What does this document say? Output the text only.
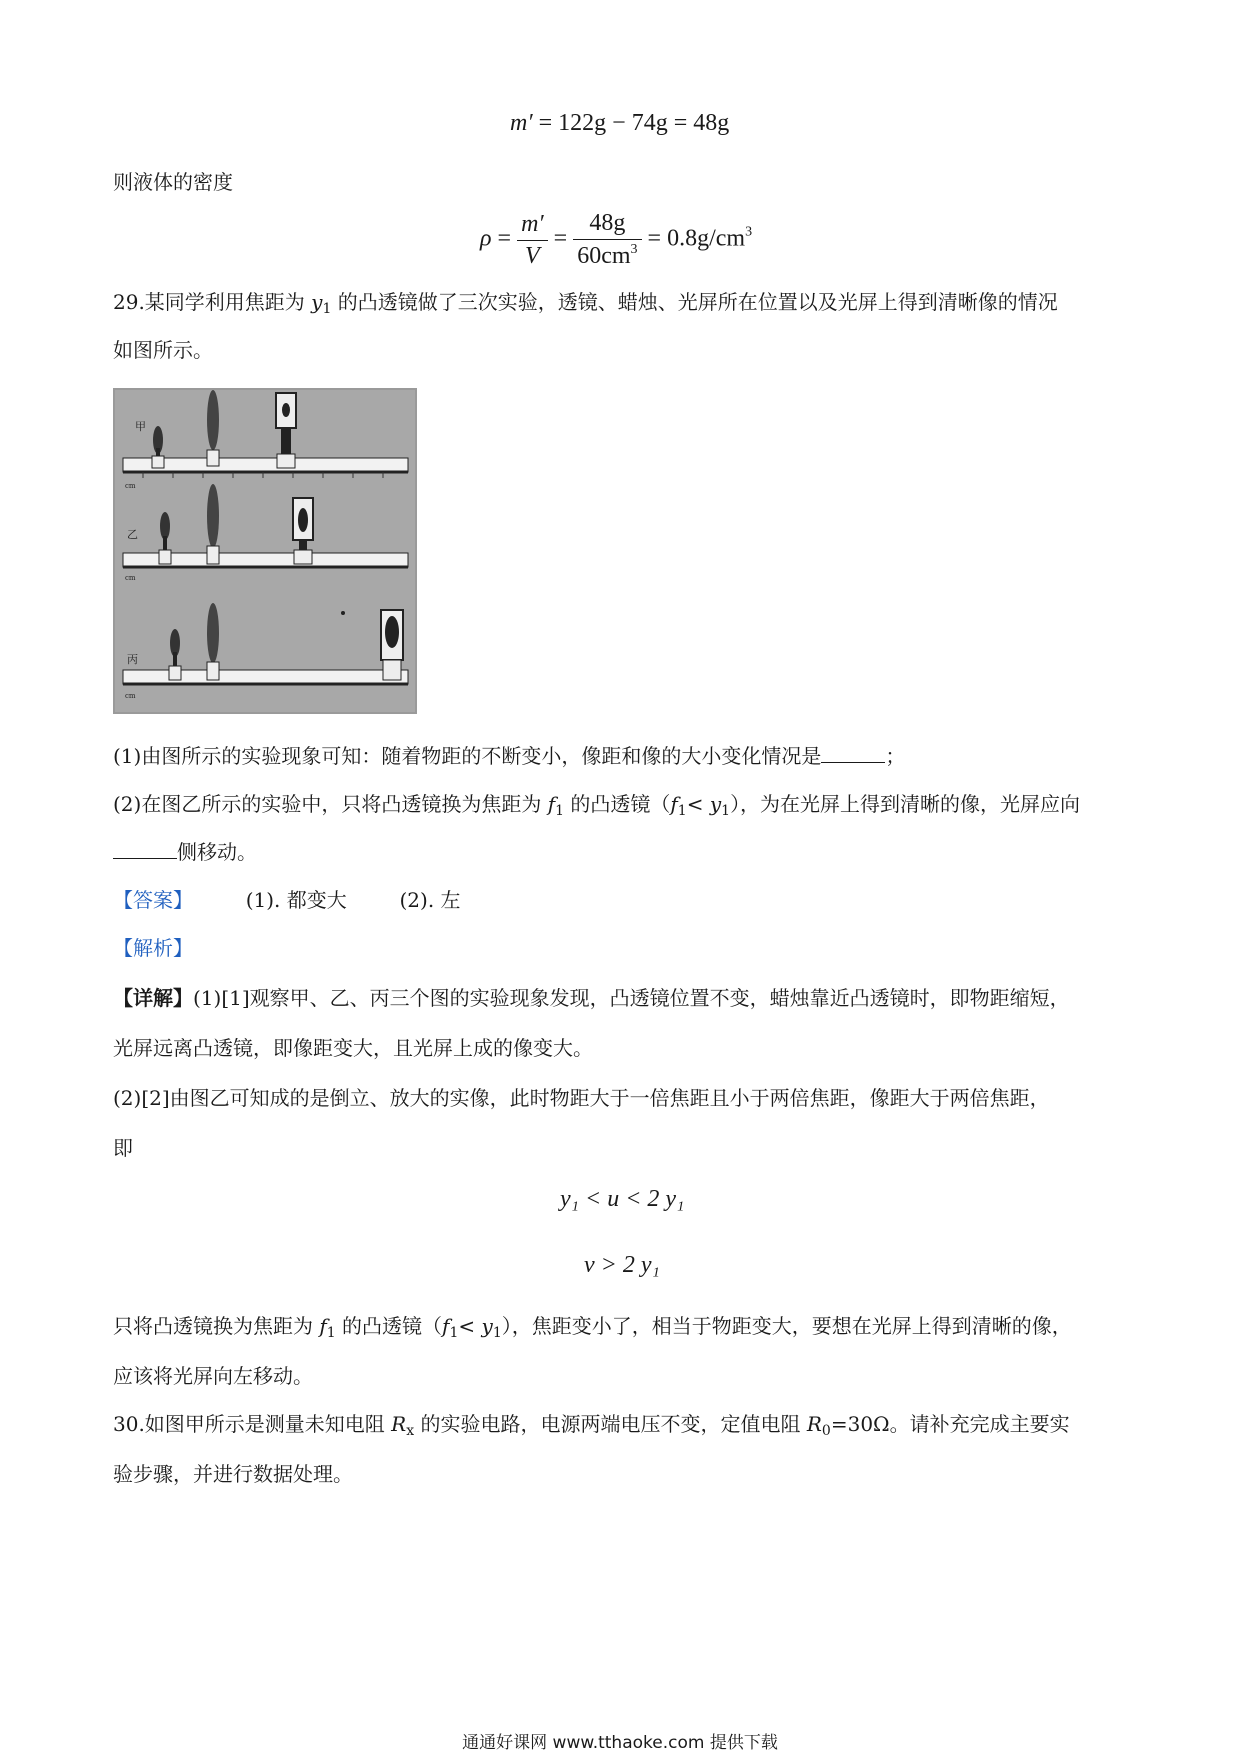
m′ = 122g − 74g = 48g
则液体的密度
$\rho = \frac{m'}{V} = \frac{48g}{60cm^3} = 0.8g/cm^3$
29.某同学利用焦距为 $y_1$ 的凸透镜做了三次实验，透镜、蜡烛、光屏所在位置以及光屏上得到清晰像的情况
如图所示。
cm
甲
cm
乙
cm
丙
(1)由图所示的实验现象可知：随着物距的不断变小，像距和像的大小变化情况是	；
(2)在图乙所示的实验中，只将凸透镜换为焦距为 $f_1$ 的凸透镜$(f_1< y_1)$，为在光屏上得到清晰的像，光屏应向
侧移动。
【答案】	(1). 都变大	(2). 左
【解析】
【详解】(1)[1]观察甲、乙、丙三个图的实验现象发现，凸透镜位置不变，蜡烛靠近凸透镜时，即物距缩短，
光屏远离凸透镜，即像距变大，且光屏上成的像变大。
(2)[2]由图乙可知成的是倒立、放大的实像，此时物距大于一倍焦距且小于两倍焦距，像距大于两倍焦距，
即
y₁ < u < 2 y₁
v > 2 y₁
只将凸透镜换为焦距为 $f_1$ 的凸透镜$(f_1< y_1)$，焦距变小了，相当于物距变大，要想在光屏上得到清晰的像，
应该将光屏向左移动。
30.如图甲所示是测量未知电阻 $R_x$ 的实验电路，电源两端电压不变，定值电阻 $R_0=30\Omega$。请补充完成主要实
验步骤，并进行数据处理。
通通好课网 www.tthaoke.com 提供下载
